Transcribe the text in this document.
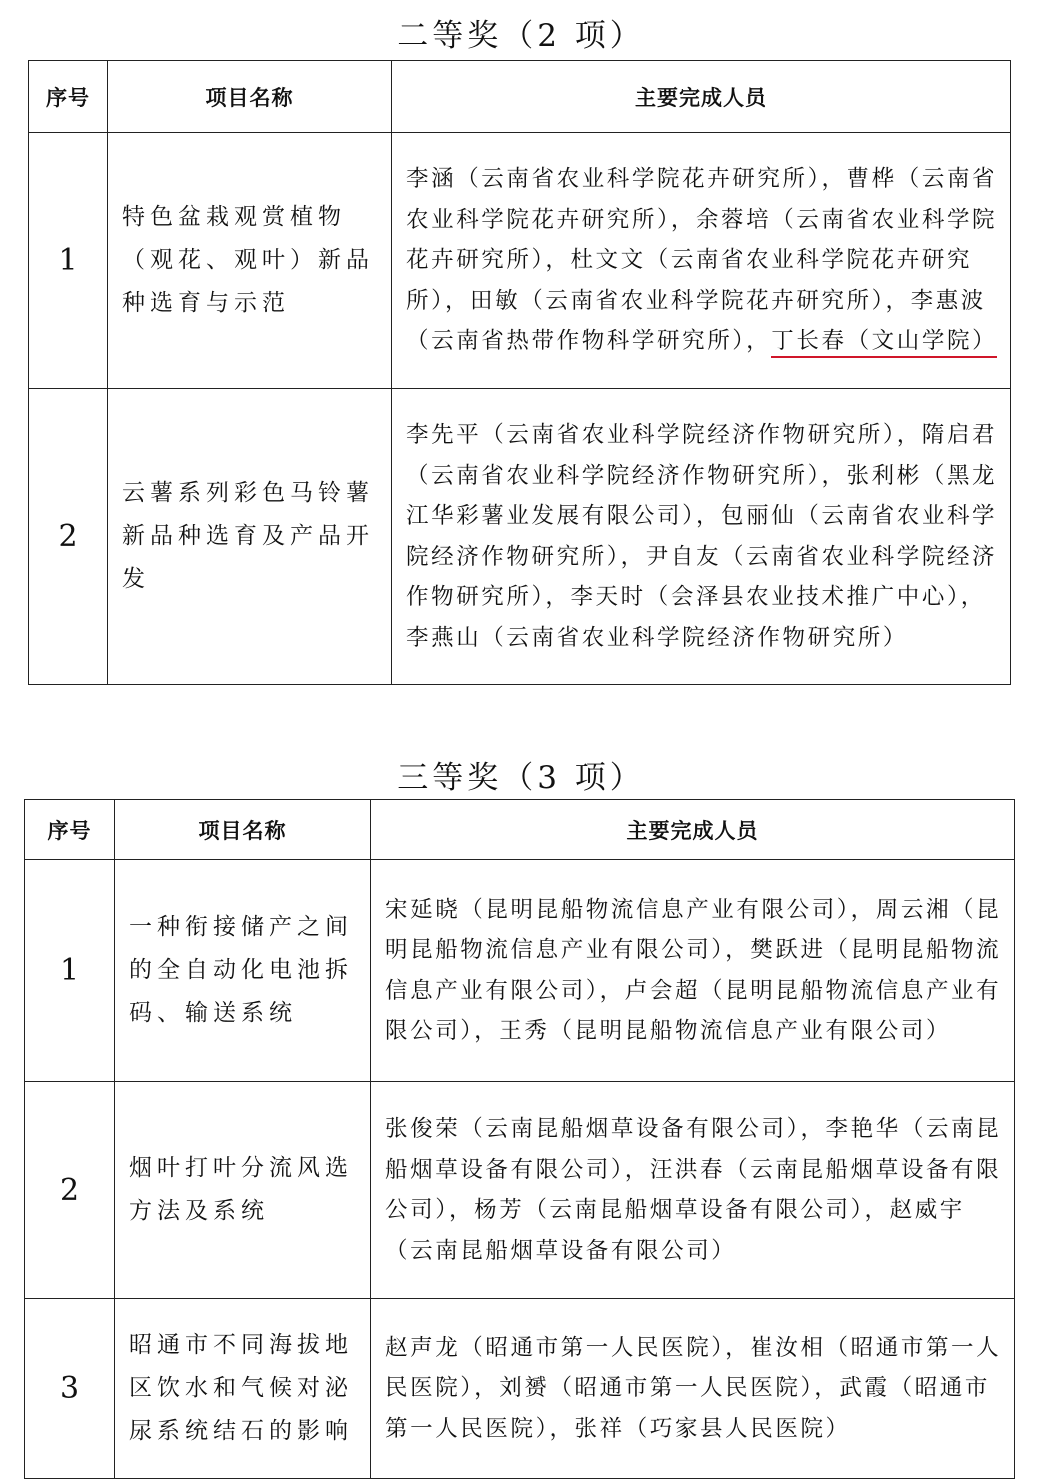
二等奖（2 项）
序号	项目名称	主要完成人员
1	特色盆栽观赏植物（观花、观叶）新品种选育与示范	李涵（云南省农业科学院花卉研究所），曹桦（云南省农业科学院花卉研究所），余蓉培（云南省农业科学院花卉研究所），杜文文（云南省农业科学院花卉研究所），田敏（云南省农业科学院花卉研究所），李惠波（云南省热带作物科学研究所），丁长春（文山学院）
2	云薯系列彩色马铃薯新品种选育及产品开发	李先平（云南省农业科学院经济作物研究所），隋启君（云南省农业科学院经济作物研究所），张利彬（黑龙江华彩薯业发展有限公司），包丽仙（云南省农业科学院经济作物研究所），尹自友（云南省农业科学院经济作物研究所），李天时（会泽县农业技术推广中心），李燕山（云南省农业科学院经济作物研究所）
三等奖（3 项）
序号	项目名称	主要完成人员
1	一种衔接储产之间的全自动化电池拆码、输送系统	宋延晓（昆明昆船物流信息产业有限公司），周云湘（昆明昆船物流信息产业有限公司），樊跃进（昆明昆船物流信息产业有限公司），卢会超（昆明昆船物流信息产业有限公司），王秀（昆明昆船物流信息产业有限公司）
2	烟叶打叶分流风选方法及系统	张俊荣（云南昆船烟草设备有限公司），李艳华（云南昆船烟草设备有限公司），汪洪春（云南昆船烟草设备有限公司），杨芳（云南昆船烟草设备有限公司），赵威宇（云南昆船烟草设备有限公司）
3	昭通市不同海拔地区饮水和气候对泌尿系统结石的影响	赵声龙（昭通市第一人民医院），崔汝相（昭通市第一人民医院），刘赟（昭通市第一人民医院），武霞（昭通市第一人民医院），张祥（巧家县人民医院）
